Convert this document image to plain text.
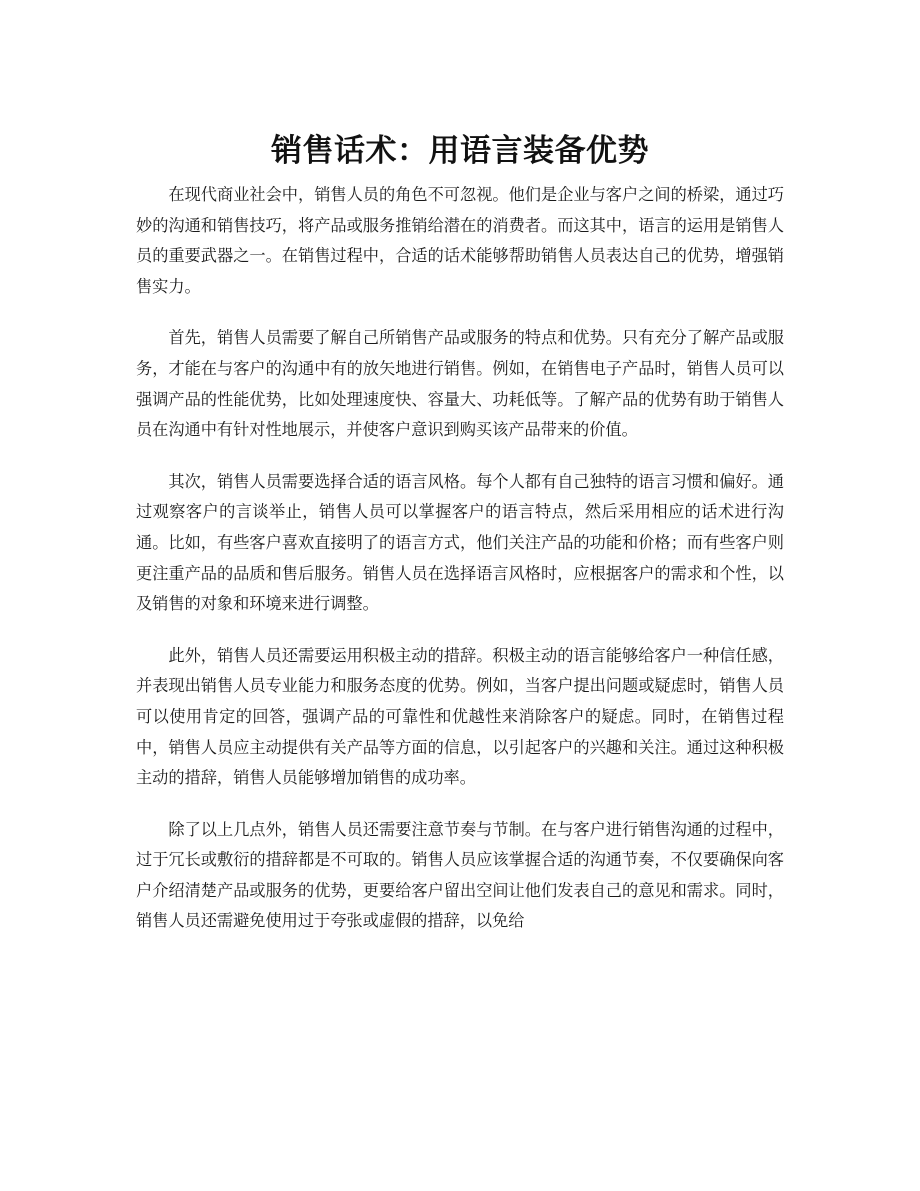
销售话术：用语言装备优势

在现代商业社会中，销售人员的角色不可忽视。他们是企业与客户之间的桥梁，通过巧妙的沟通和销售技巧，将产品或服务推销给潜在的消费者。而这其中，语言的运用是销售人员的重要武器之一。在销售过程中，合适的话术能够帮助销售人员表达自己的优势，增强销售实力。

首先，销售人员需要了解自己所销售产品或服务的特点和优势。只有充分了解产品或服务，才能在与客户的沟通中有的放矢地进行销售。例如，在销售电子产品时，销售人员可以强调产品的性能优势，比如处理速度快、容量大、功耗低等。了解产品的优势有助于销售人员在沟通中有针对性地展示，并使客户意识到购买该产品带来的价值。

其次，销售人员需要选择合适的语言风格。每个人都有自己独特的语言习惯和偏好。通过观察客户的言谈举止，销售人员可以掌握客户的语言特点，然后采用相应的话术进行沟通。比如，有些客户喜欢直接明了的语言方式，他们关注产品的功能和价格；而有些客户则更注重产品的品质和售后服务。销售人员在选择语言风格时，应根据客户的需求和个性，以及销售的对象和环境来进行调整。

此外，销售人员还需要运用积极主动的措辞。积极主动的语言能够给客户一种信任感，并表现出销售人员专业能力和服务态度的优势。例如，当客户提出问题或疑虑时，销售人员可以使用肯定的回答，强调产品的可靠性和优越性来消除客户的疑虑。同时，在销售过程中，销售人员应主动提供有关产品等方面的信息，以引起客户的兴趣和关注。通过这种积极主动的措辞，销售人员能够增加销售的成功率。

除了以上几点外，销售人员还需要注意节奏与节制。在与客户进行销售沟通的过程中，过于冗长或敷衍的措辞都是不可取的。销售人员应该掌握合适的沟通节奏，不仅要确保向客户介绍清楚产品或服务的优势，更要给客户留出空间让他们发表自己的意见和需求。同时，销售人员还需避免使用过于夸张或虚假的措辞，以免给
